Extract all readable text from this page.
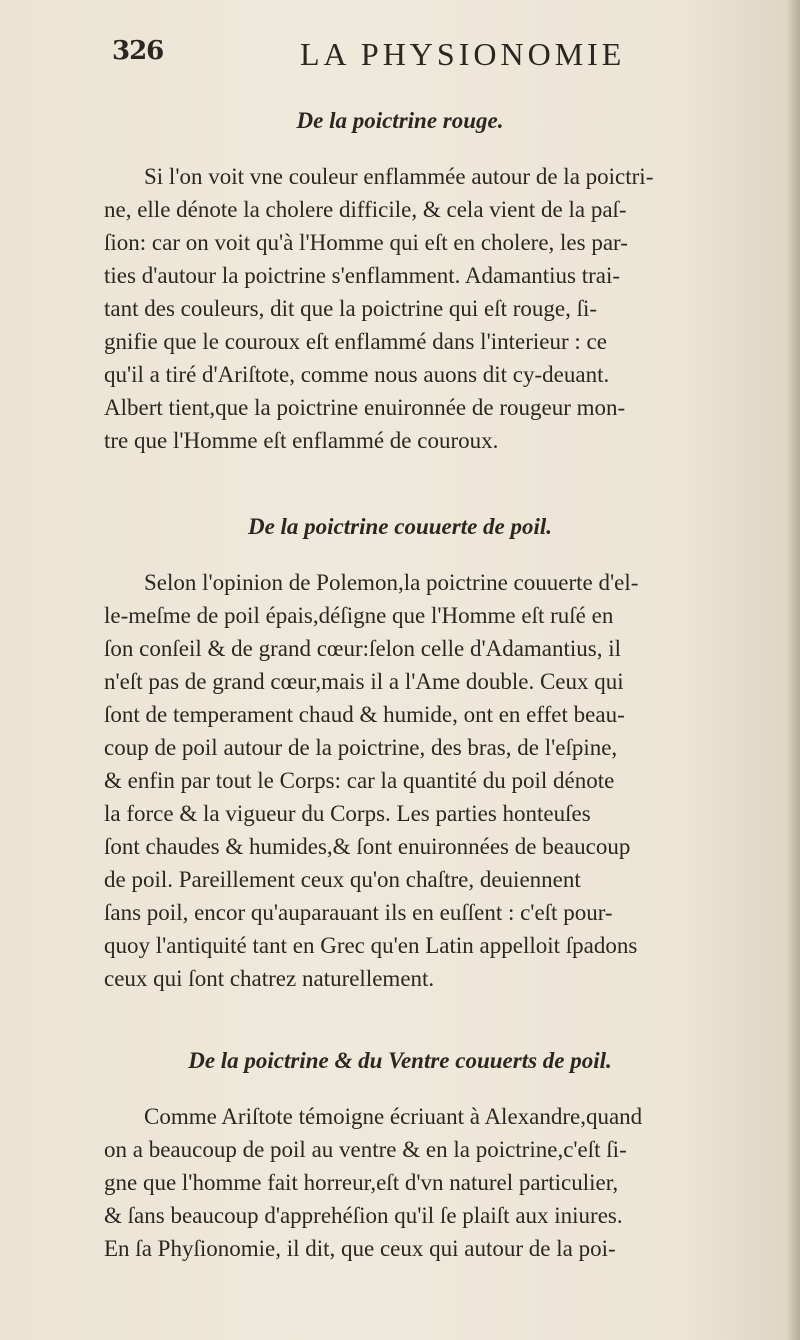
326	LA PHYSIONOMIE
De la poictrine rouge.
Si l'on voit vne couleur enflammée autour de la poictri-
ne, elle dénote la cholere difficile, & cela vient de la paſ-
ſion: car on voit qu'à l'Homme qui eſt en cholere, les par-
ties d'autour la poictrine s'enflamment. Adamantius trai-
tant des couleurs, dit que la poictrine qui eſt rouge, ſi-
gnifie que le couroux eſt enflammé dans l'interieur : ce
qu'il a tiré d'Ariſtote, comme nous auons dit cy-deuant.
Albert tient,que la poictrine enuironnée de rougeur mon-
tre que l'Homme eſt enflammé de couroux.
De la poictrine couuerte de poil.
Selon l'opinion de Polemon,la poictrine couuerte d'el-
le-meſme de poil épais,déſigne que l'Homme eſt ruſé en
ſon conſeil & de grand cœur:ſelon celle d'Adamantius, il
n'eſt pas de grand cœur,mais il a l'Ame double. Ceux qui
ſont de temperament chaud & humide, ont en effet beau-
coup de poil autour de la poictrine, des bras, de l'eſpine,
& enfin par tout le Corps: car la quantité du poil dénote
la force & la vigueur du Corps. Les parties honteuſes
ſont chaudes & humides,& ſont enuironnées de beaucoup
de poil. Pareillement ceux qu'on chaſtre, deuiennent
ſans poil, encor qu'auparauant ils en euſſent : c'eſt pour-
quoy l'antiquité tant en Grec qu'en Latin appelloit ſpadons
ceux qui ſont chatrez naturellement.
De la poictrine & du Ventre couuerts de poil.
Comme Ariſtote témoigne écriuant à Alexandre,quand
on a beaucoup de poil au ventre & en la poictrine,c'eſt ſi-
gne que l'homme fait horreur,eſt d'vn naturel particulier,
& ſans beaucoup d'apprehéſion qu'il ſe plaiſt aux iniures.
En ſa Phyſionomie, il dit, que ceux qui autour de la poi-
